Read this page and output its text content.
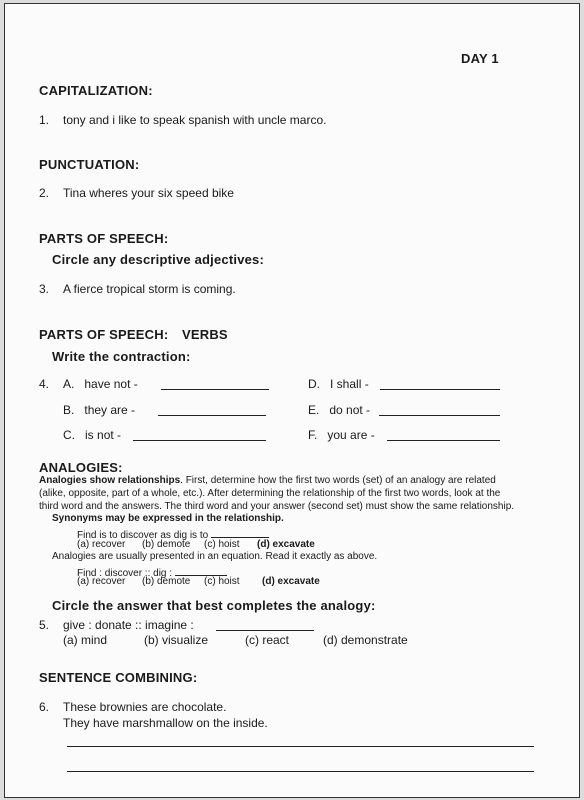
DAY 1
CAPITALIZATION:
1. tony and i like to speak spanish with uncle marco.
PUNCTUATION:
2. Tina wheres your six speed bike
PARTS OF SPEECH:
Circle any descriptive adjectives:
3. A fierce tropical storm is coming.
PARTS OF SPEECH: VERBS
Write the contraction:
4. A. have not -
B. they are -
C. is not -
D. I shall -
E. do not -
F. you are -
ANALOGIES:
Analogies show relationships. First, determine how the first two words (set) of an analogy are related
(alike, opposite, part of a whole, etc.). After determining the relationship of the first two words, look at the
third word and the answers. The third word and your answer (second set) must show the same relationship.
Synonyms may be expressed in the relationship.
Find is to discover as dig is to
(a) recover (b) demote (c) hoist (d) excavate
Analogies are usually presented in an equation. Read it exactly as above.
Find : discover :: dig :
(a) recover (b) demote (c) hoist (d) excavate
Circle the answer that best completes the analogy:
5. give : donate :: imagine :
(a) mind	(b) visualize	(c) react	(d) demonstrate
SENTENCE COMBINING:
6. These brownies are chocolate.
They have marshmallow on the inside.
